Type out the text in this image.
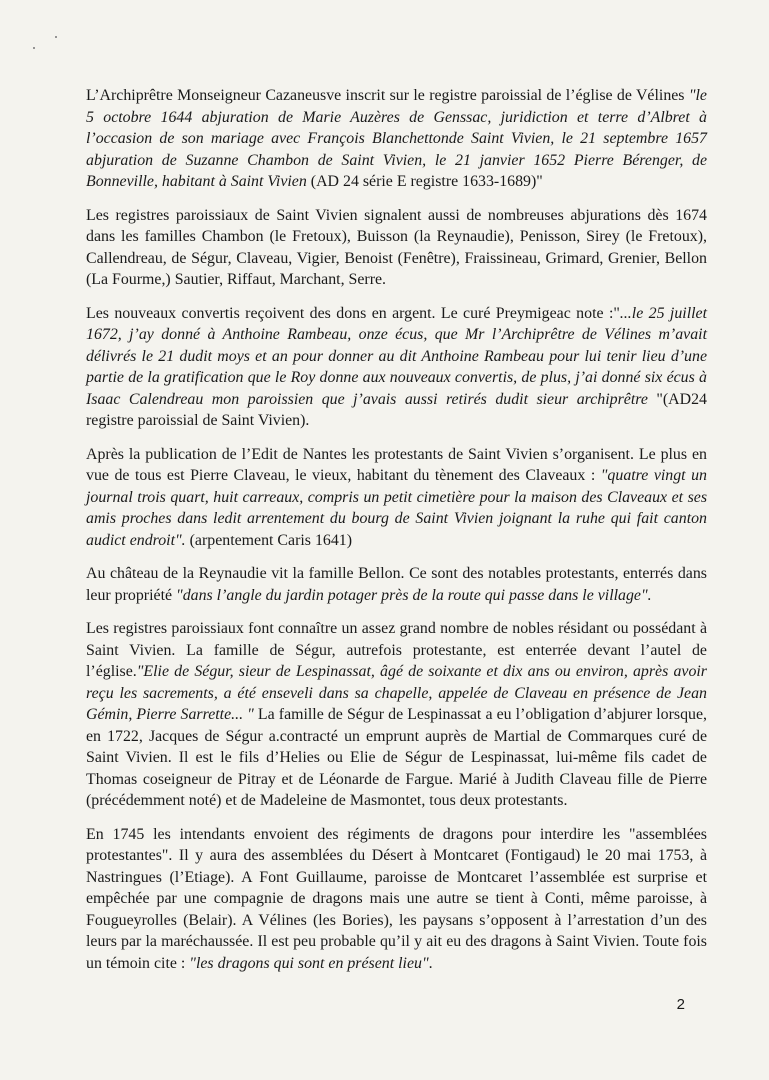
L’Archiprêtre Monseigneur Cazaneusve inscrit sur le registre paroissial de l’église de Vélines "le 5 octobre 1644 abjuration de Marie Auzères de Genssac, juridiction et terre d’Albret à l’occasion de son mariage avec François Blanchettonde Saint Vivien, le 21 septembre 1657 abjuration de Suzanne Chambon de Saint Vivien, le 21 janvier 1652 Pierre Bérenger, de Bonneville, habitant à Saint Vivien (AD 24 série E registre 1633-1689)"

Les registres paroissiaux de Saint Vivien signalent aussi de nombreuses abjurations dès 1674 dans les familles Chambon (le Fretoux), Buisson (la Reynaudie), Penisson, Sirey (le Fretoux), Callendreau, de Ségur, Claveau, Vigier, Benoist (Fenêtre), Fraissineau, Grimard, Grenier, Bellon (La Fourme,) Sautier, Riffaut, Marchant, Serre.

Les nouveaux convertis reçoivent des dons en argent. Le curé Preymigeac note :"...le 25 juillet 1672, j’ay donné à Anthoine Rambeau, onze écus, que Mr l’Archiprêtre de Vélines m’avait délivrés le 21 dudit moys et an pour donner au dit Anthoine Rambeau pour lui tenir lieu d’une partie de la gratification que le Roy donne aux nouveaux convertis, de plus, j’ai donné six écus à Isaac Calendreau mon paroissien que j’avais aussi retirés dudit sieur archiprêtre "(AD24 registre paroissial de Saint Vivien).

Après la publication de l’Edit de Nantes les protestants de Saint Vivien s’organisent. Le plus en vue de tous est Pierre Claveau, le vieux, habitant du tènement des Claveaux : "quatre vingt un journal trois quart, huit carreaux, compris un petit cimetière pour la maison des Claveaux et ses amis proches dans ledit arrentement du bourg de Saint Vivien joignant la ruhe qui fait canton audict endroit". (arpentement Caris 1641)

Au château de la Reynaudie vit la famille Bellon. Ce sont des notables protestants, enterrés dans leur propriété "dans l’angle du jardin potager près de la route qui passe dans le village".

Les registres paroissiaux font connaître un assez grand nombre de nobles résidant ou possédant à Saint Vivien. La famille de Ségur, autrefois protestante, est enterrée devant l’autel de l’église."Elie de Ségur, sieur de Lespinassat, âgé de soixante et dix ans ou environ, après avoir reçu les sacrements, a été enseveli dans sa chapelle, appelée de Claveau en présence de Jean Gémin, Pierre Sarrette... " La famille de Ségur de Lespinassat a eu l’obligation d’abjurer lorsque, en 1722, Jacques de Ségur a.contracté un emprunt auprès de Martial de Commarques curé de Saint Vivien. Il est le fils d’Helies ou Elie de Ségur de Lespinassat, lui-même fils cadet de Thomas coseigneur de Pitray et de Léonarde de Fargue. Marié à Judith Claveau fille de Pierre (précédemment noté) et de Madeleine de Masmontet, tous deux protestants.

En 1745 les intendants envoient des régiments de dragons pour interdire les "assemblées protestantes". Il y aura des assemblées du Désert à Montcaret (Fontigaud) le 20 mai 1753, à Nastringues (l’Etiage). A Font Guillaume, paroisse de Montcaret l’assemblée est surprise et empêchée par une compagnie de dragons mais une autre se tient à Conti, même paroisse, à Fougueyrolles (Belair). A Vélines (les Bories), les paysans s’opposent à l’arrestation d’un des leurs par la maréchaussée. Il est peu probable qu’il y ait eu des dragons à Saint Vivien. Toute fois un témoin cite : "les dragons qui sont en présent lieu".

2
